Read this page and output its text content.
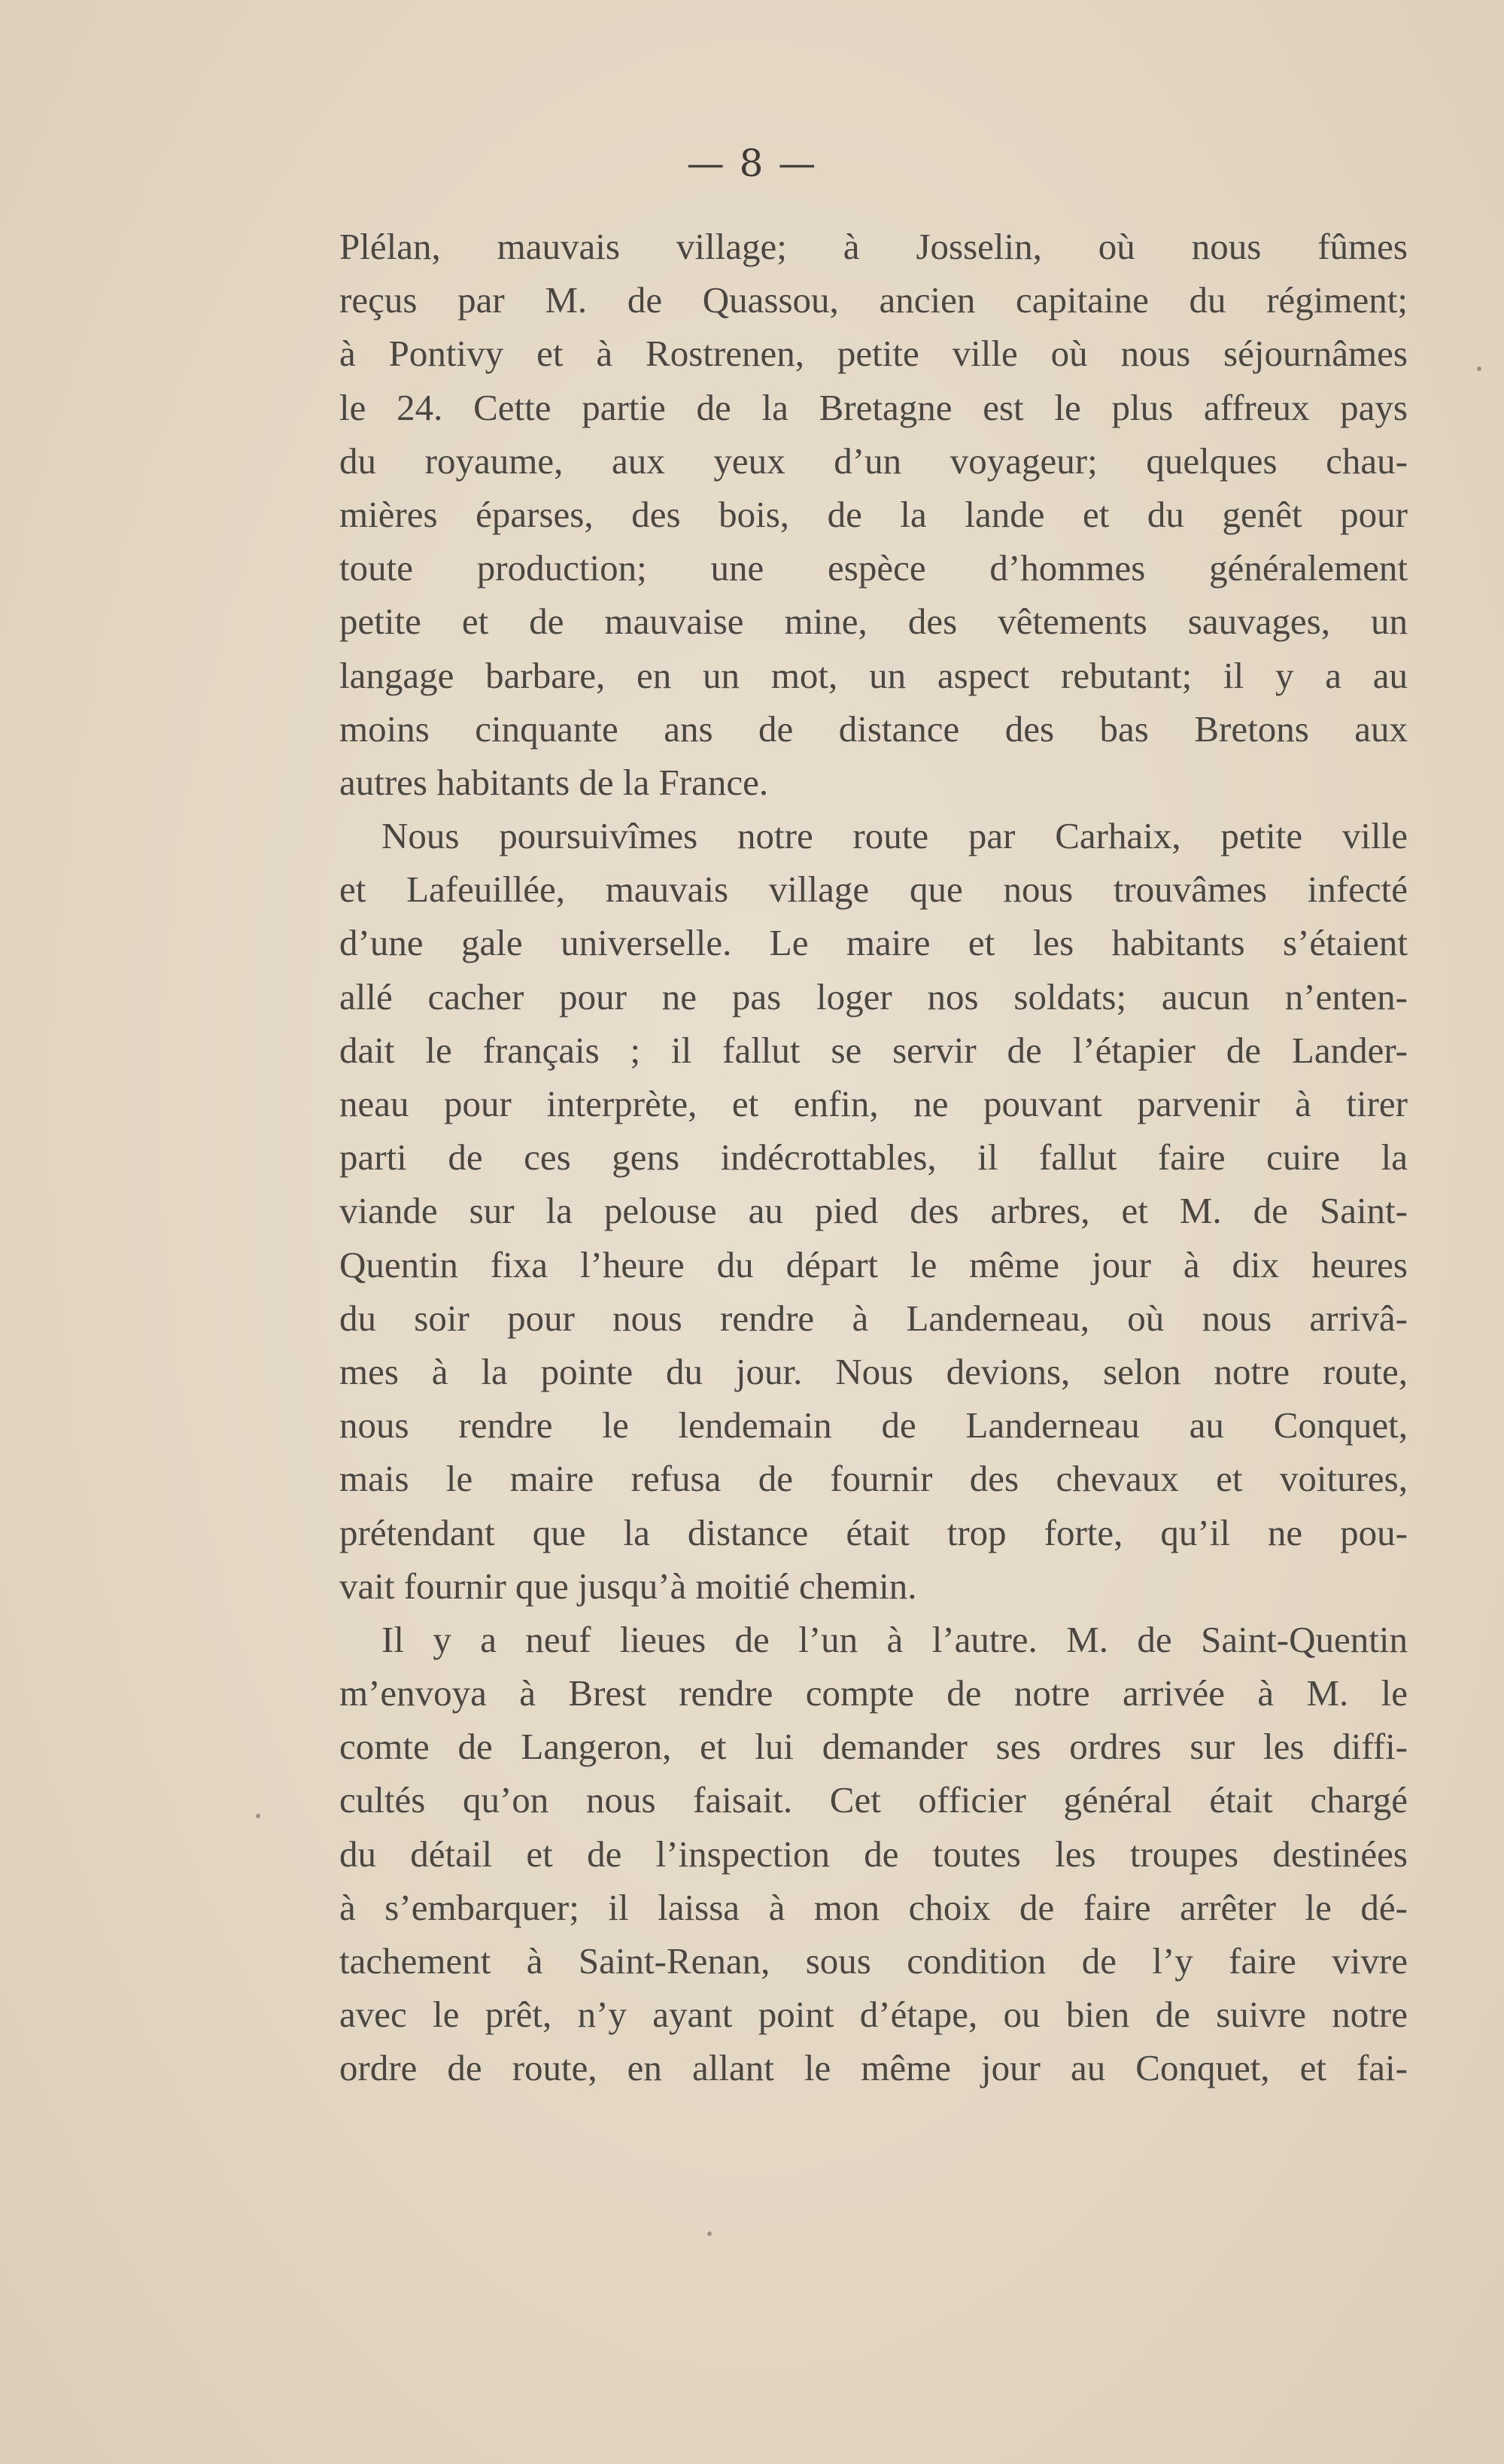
— 8 —
Plélan, mauvais village; à Josselin, où nous fûmes
reçus par M. de Quassou, ancien capitaine du régiment;
à Pontivy et à Rostrenen, petite ville où nous séjournâmes
le 24. Cette partie de la Bretagne est le plus affreux pays
du royaume, aux yeux d’un voyageur; quelques chau-
mières éparses, des bois, de la lande et du genêt pour
toute production; une espèce d’hommes généralement
petite et de mauvaise mine, des vêtements sauvages, un
langage barbare, en un mot, un aspect rebutant; il y a au
moins cinquante ans de distance des bas Bretons aux
autres habitants de la France.
Nous poursuivîmes notre route par Carhaix, petite ville
et Lafeuillée, mauvais village que nous trouvâmes infecté
d’une gale universelle. Le maire et les habitants s’étaient
allé cacher pour ne pas loger nos soldats; aucun n’enten-
dait le français ; il fallut se servir de l’étapier de Lander-
neau pour interprète, et enfin, ne pouvant parvenir à tirer
parti de ces gens indécrottables, il fallut faire cuire la
viande sur la pelouse au pied des arbres, et M. de Saint-
Quentin fixa l’heure du départ le même jour à dix heures
du soir pour nous rendre à Landerneau, où nous arrivâ-
mes à la pointe du jour. Nous devions, selon notre route,
nous rendre le lendemain de Landerneau au Conquet,
mais le maire refusa de fournir des chevaux et voitures,
prétendant que la distance était trop forte, qu’il ne pou-
vait fournir que jusqu’à moitié chemin.
Il y a neuf lieues de l’un à l’autre. M. de Saint-Quentin
m’envoya à Brest rendre compte de notre arrivée à M. le
comte de Langeron, et lui demander ses ordres sur les diffi-
cultés qu’on nous faisait. Cet officier général était chargé
du détail et de l’inspection de toutes les troupes destinées
à s’embarquer; il laissa à mon choix de faire arrêter le dé-
tachement à Saint-Renan, sous condition de l’y faire vivre
avec le prêt, n’y ayant point d’étape, ou bien de suivre notre
ordre de route, en allant le même jour au Conquet, et fai-
